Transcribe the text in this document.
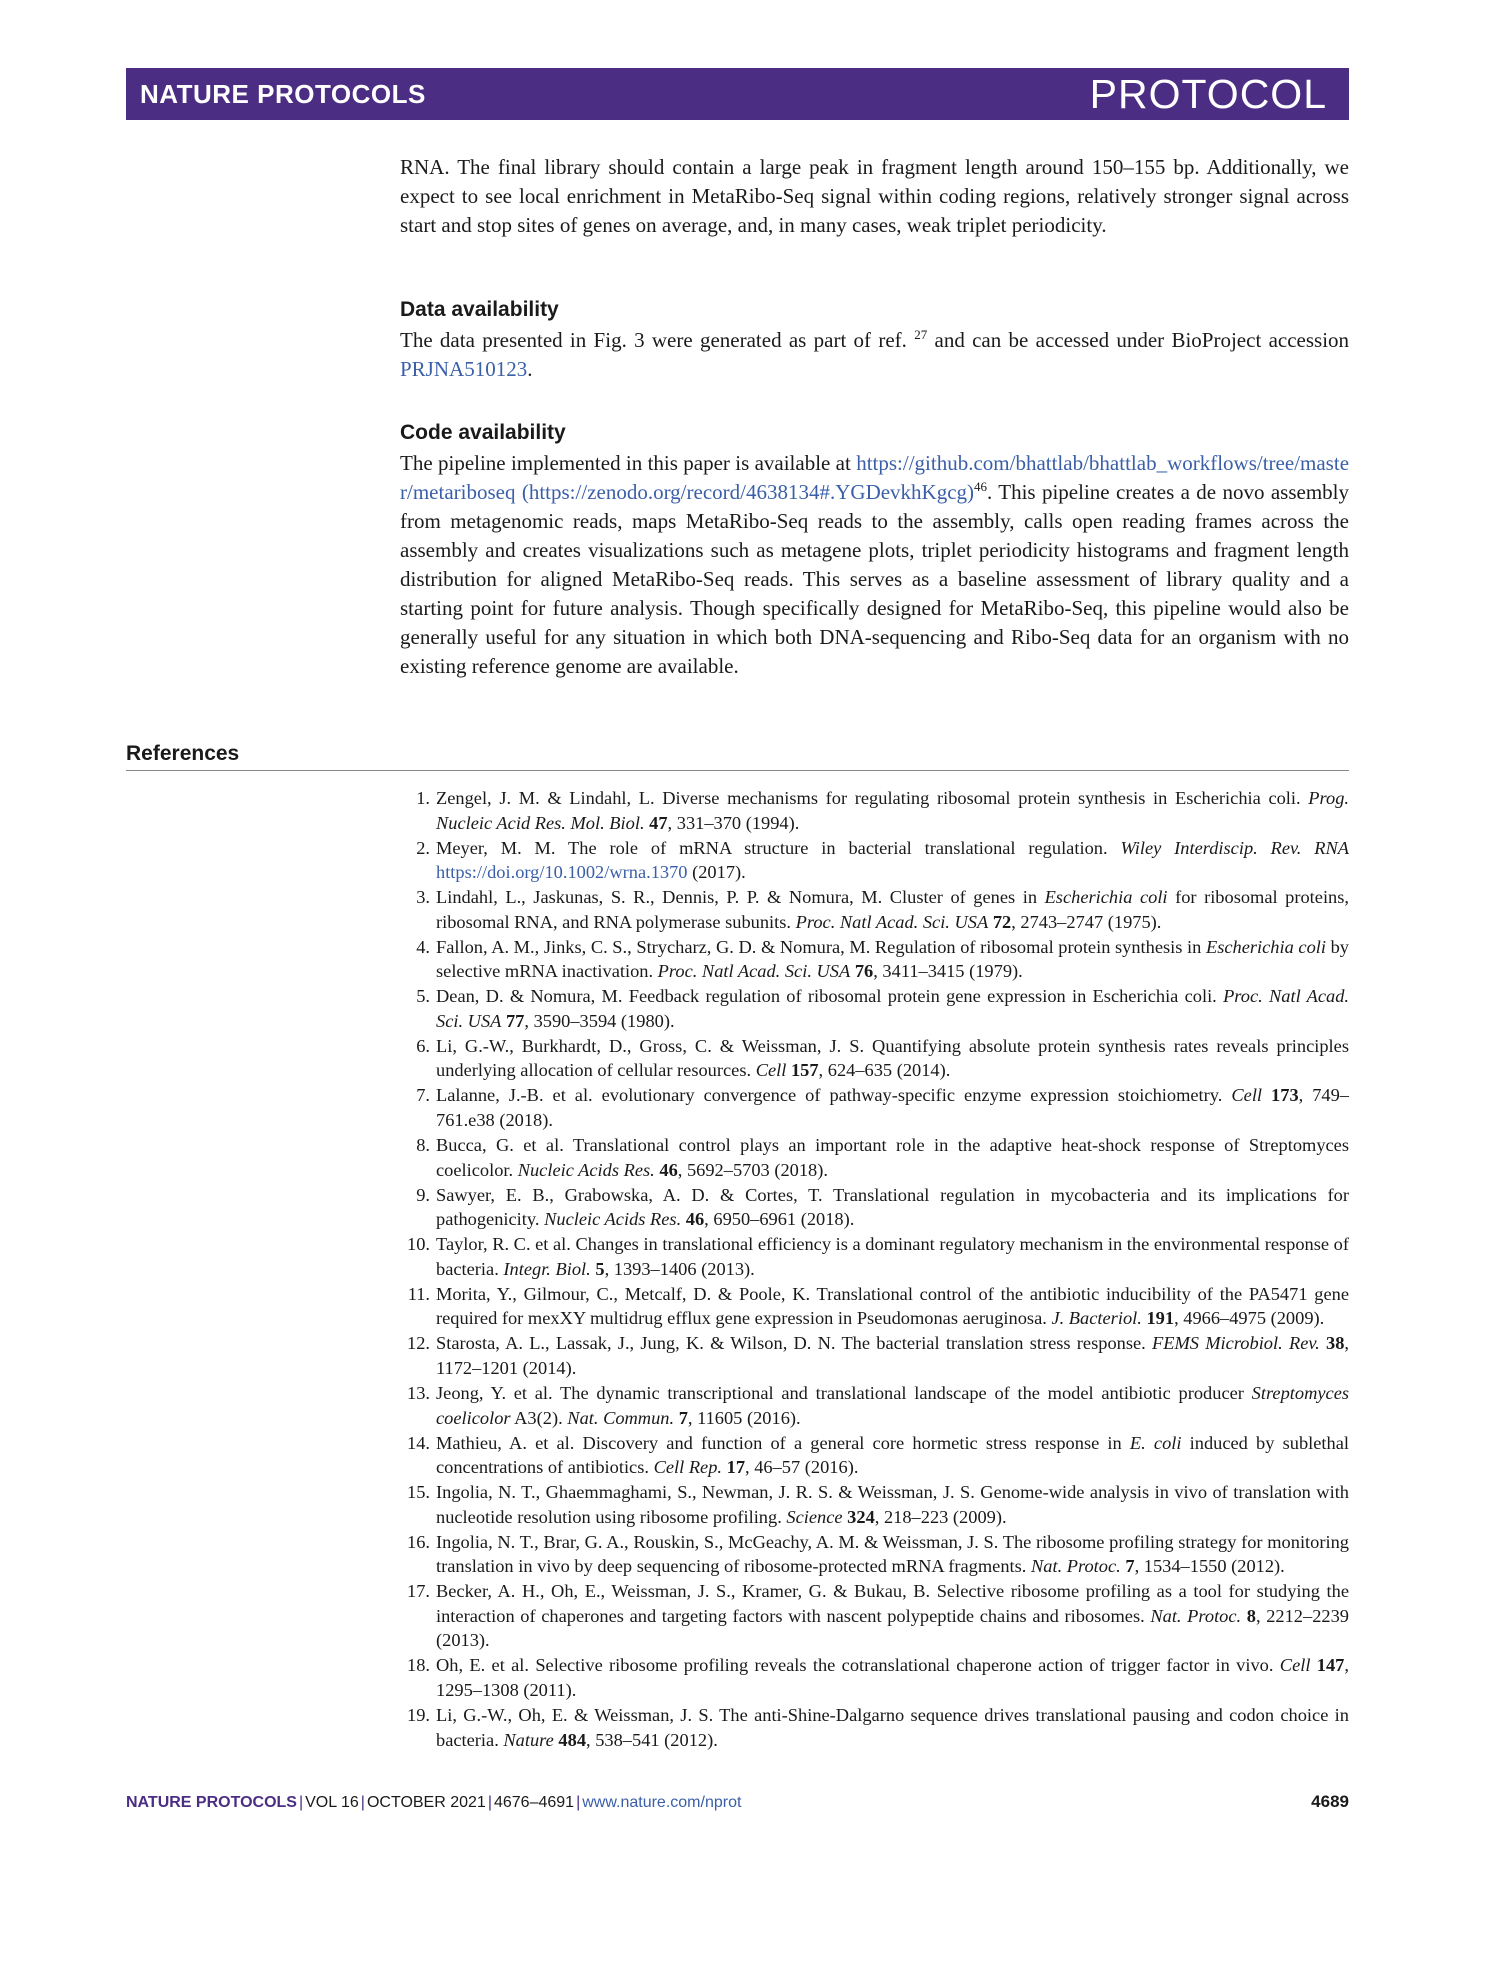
NATURE PROTOCOLS	PROTOCOL

RNA. The final library should contain a large peak in fragment length around 150–155 bp. Additionally, we expect to see local enrichment in MetaRibo-Seq signal within coding regions, relatively stronger signal across start and stop sites of genes on average, and, in many cases, weak triplet periodicity.

Data availability

The data presented in Fig. 3 were generated as part of ref. $^{27}$ and can be accessed under BioProject accession PRJNA510123.

Code availability

The pipeline implemented in this paper is available at https://github.com/bhattlab/bhattlab_workflows/tree/master/metariboseq (https://zenodo.org/record/4638134#.YGDevkhKgcg)$^{46}$. This pipeline creates a de novo assembly from metagenomic reads, maps MetaRibo-Seq reads to the assembly, calls open reading frames across the assembly and creates visualizations such as metagene plots, triplet periodicity histograms and fragment length distribution for aligned MetaRibo-Seq reads. This serves as a baseline assessment of library quality and a starting point for future analysis. Though specifically designed for MetaRibo-Seq, this pipeline would also be generally useful for any situation in which both DNA-sequencing and Ribo-Seq data for an organism with no existing reference genome are available.

References
1. Zengel, J. M. & Lindahl, L. Diverse mechanisms for regulating ribosomal protein synthesis in Escherichia coli. Prog. Nucleic Acid Res. Mol. Biol. 47, 331–370 (1994).
2. Meyer, M. M. The role of mRNA structure in bacterial translational regulation. Wiley Interdiscip. Rev. RNA https://doi.org/10.1002/wrna.1370 (2017).
3. Lindahl, L., Jaskunas, S. R., Dennis, P. P. & Nomura, M. Cluster of genes in Escherichia coli for ribosomal proteins, ribosomal RNA, and RNA polymerase subunits. Proc. Natl Acad. Sci. USA 72, 2743–2747 (1975).
4. Fallon, A. M., Jinks, C. S., Strycharz, G. D. & Nomura, M. Regulation of ribosomal protein synthesis in Escherichia coli by selective mRNA inactivation. Proc. Natl Acad. Sci. USA 76, 3411–3415 (1979).
5. Dean, D. & Nomura, M. Feedback regulation of ribosomal protein gene expression in Escherichia coli. Proc. Natl Acad. Sci. USA 77, 3590–3594 (1980).
6. Li, G.-W., Burkhardt, D., Gross, C. & Weissman, J. S. Quantifying absolute protein synthesis rates reveals principles underlying allocation of cellular resources. Cell 157, 624–635 (2014).
7. Lalanne, J.-B. et al. evolutionary convergence of pathway-specific enzyme expression stoichiometry. Cell 173, 749–761.e38 (2018).
8. Bucca, G. et al. Translational control plays an important role in the adaptive heat-shock response of Streptomyces coelicolor. Nucleic Acids Res. 46, 5692–5703 (2018).
9. Sawyer, E. B., Grabowska, A. D. & Cortes, T. Translational regulation in mycobacteria and its implications for pathogenicity. Nucleic Acids Res. 46, 6950–6961 (2018).
10. Taylor, R. C. et al. Changes in translational efficiency is a dominant regulatory mechanism in the environmental response of bacteria. Integr. Biol. 5, 1393–1406 (2013).
11. Morita, Y., Gilmour, C., Metcalf, D. & Poole, K. Translational control of the antibiotic inducibility of the PA5471 gene required for mexXY multidrug efflux gene expression in Pseudomonas aeruginosa. J. Bacteriol. 191, 4966–4975 (2009).
12. Starosta, A. L., Lassak, J., Jung, K. & Wilson, D. N. The bacterial translation stress response. FEMS Microbiol. Rev. 38, 1172–1201 (2014).
13. Jeong, Y. et al. The dynamic transcriptional and translational landscape of the model antibiotic producer Streptomyces coelicolor A3(2). Nat. Commun. 7, 11605 (2016).
14. Mathieu, A. et al. Discovery and function of a general core hormetic stress response in E. coli induced by sublethal concentrations of antibiotics. Cell Rep. 17, 46–57 (2016).
15. Ingolia, N. T., Ghaemmaghami, S., Newman, J. R. S. & Weissman, J. S. Genome-wide analysis in vivo of translation with nucleotide resolution using ribosome profiling. Science 324, 218–223 (2009).
16. Ingolia, N. T., Brar, G. A., Rouskin, S., McGeachy, A. M. & Weissman, J. S. The ribosome profiling strategy for monitoring translation in vivo by deep sequencing of ribosome-protected mRNA fragments. Nat. Protoc. 7, 1534–1550 (2012).
17. Becker, A. H., Oh, E., Weissman, J. S., Kramer, G. & Bukau, B. Selective ribosome profiling as a tool for studying the interaction of chaperones and targeting factors with nascent polypeptide chains and ribosomes. Nat. Protoc. 8, 2212–2239 (2013).
18. Oh, E. et al. Selective ribosome profiling reveals the cotranslational chaperone action of trigger factor in vivo. Cell 147, 1295–1308 (2011).
19. Li, G.-W., Oh, E. & Weissman, J. S. The anti-Shine-Dalgarno sequence drives translational pausing and codon choice in bacteria. Nature 484, 538–541 (2012).
NATURE PROTOCOLS | VOL 16 | OCTOBER 2021 | 4676–4691 | www.nature.com/nprot	4689
